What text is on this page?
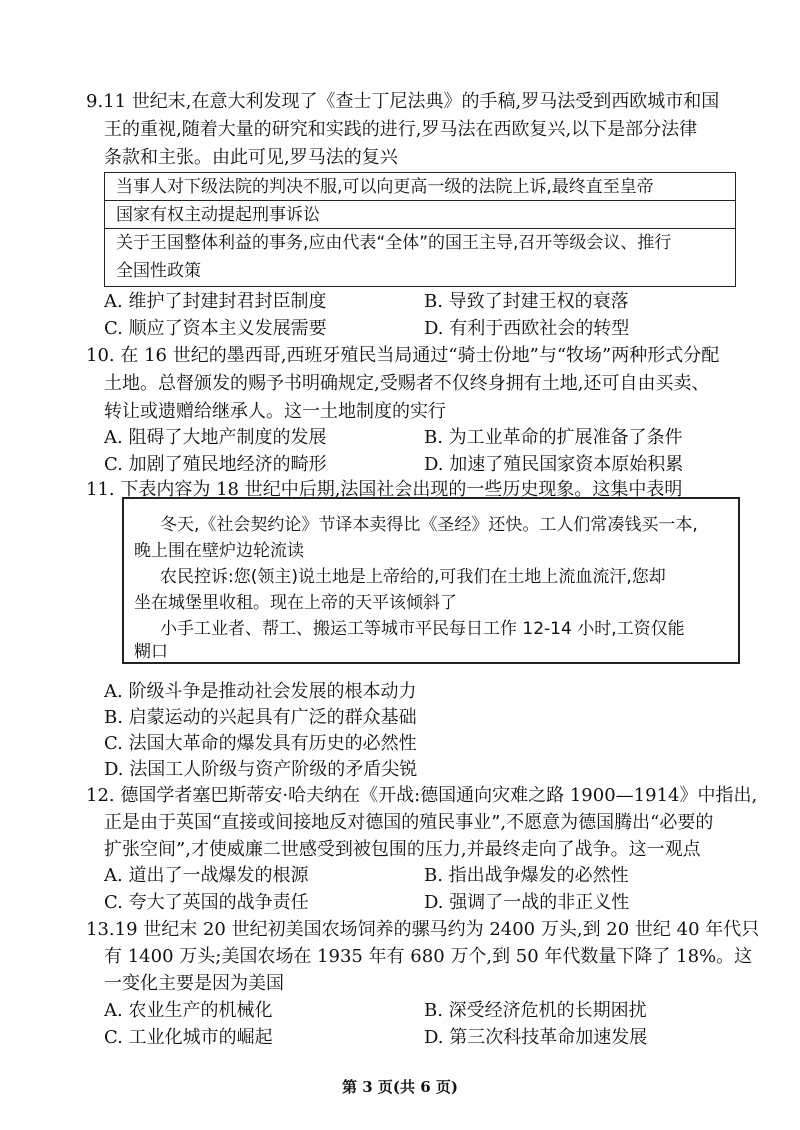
9.11 世纪末,在意大利发现了《查士丁尼法典》的手稿,罗马法受到西欧城市和国
王的重视,随着大量的研究和实践的进行,罗马法在西欧复兴,以下是部分法律
条款和主张。由此可见,罗马法的复兴
当事人对下级法院的判决不服,可以向更高一级的法院上诉,最终直至皇帝
国家有权主动提起刑事诉讼
关于王国整体利益的事务,应由代表“全体”的国王主导,召开等级会议、推行
全国性政策
A. 维护了封建封君封臣制度	B. 导致了封建王权的衰落
C. 顺应了资本主义发展需要	D. 有利于西欧社会的转型
10. 在 16 世纪的墨西哥,西班牙殖民当局通过“骑士份地”与“牧场”两种形式分配
土地。总督颁发的赐予书明确规定,受赐者不仅终身拥有土地,还可自由买卖、
转让或遗赠给继承人。这一土地制度的实行
A. 阻碍了大地产制度的发展	B. 为工业革命的扩展准备了条件
C. 加剧了殖民地经济的畸形	D. 加速了殖民国家资本原始积累
11. 下表内容为 18 世纪中后期,法国社会出现的一些历史现象。这集中表明
冬天,《社会契约论》节译本卖得比《圣经》还快。工人们常凑钱买一本,
晚上围在壁炉边轮流读
农民控诉:您(领主)说土地是上帝给的,可我们在土地上流血流汗,您却
坐在城堡里收租。现在上帝的天平该倾斜了
小手工业者、帮工、搬运工等城市平民每日工作 12-14 小时,工资仅能
糊口
A. 阶级斗争是推动社会发展的根本动力
B. 启蒙运动的兴起具有广泛的群众基础
C. 法国大革命的爆发具有历史的必然性
D. 法国工人阶级与资产阶级的矛盾尖锐
12. 德国学者塞巴斯蒂安·哈夫纳在《开战:德国通向灾难之路 1900—1914》中指出,
正是由于英国“直接或间接地反对德国的殖民事业”,不愿意为德国腾出“必要的
扩张空间”,才使威廉二世感受到被包围的压力,并最终走向了战争。这一观点
A. 道出了一战爆发的根源	B. 指出战争爆发的必然性
C. 夸大了英国的战争责任	D. 强调了一战的非正义性
13.19 世纪末 20 世纪初美国农场饲养的骡马约为 2400 万头,到 20 世纪 40 年代只
有 1400 万头;美国农场在 1935 年有 680 万个,到 50 年代数量下降了 18%。这
一变化主要是因为美国
A. 农业生产的机械化	B. 深受经济危机的长期困扰
C. 工业化城市的崛起	D. 第三次科技革命加速发展
第 3 页(共 6 页)
